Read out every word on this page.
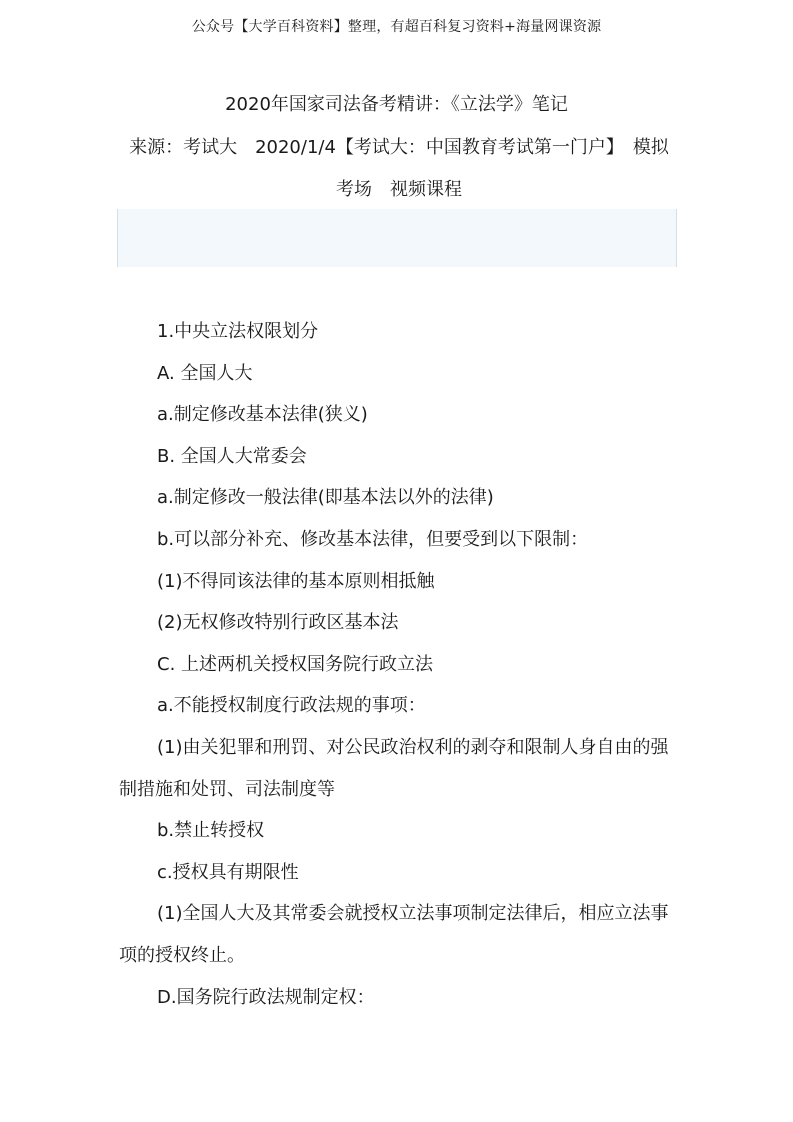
公众号【大学百科资料】整理，有超百科复习资料+海量网课资源
2020年国家司法备考精讲：《立法学》笔记
来源：考试大　2020/1/4【考试大：中国教育考试第一门户】　模拟
考场　视频课程

1.中央立法权限划分

A. 全国人大

a.制定修改基本法律(狭义)

B. 全国人大常委会

a.制定修改一般法律(即基本法以外的法律)

b.可以部分补充、修改基本法律，但要受到以下限制：

(1)不得同该法律的基本原则相抵触

(2)无权修改特别行政区基本法

C. 上述两机关授权国务院行政立法

a.不能授权制度行政法规的事项：

(1)由关犯罪和刑罚、对公民政治权利的剥夺和限制人身自由的强制措施和处罚、司法制度等

b.禁止转授权

c.授权具有期限性

(1)全国人大及其常委会就授权立法事项制定法律后，相应立法事项的授权终止。

D.国务院行政法规制定权：
